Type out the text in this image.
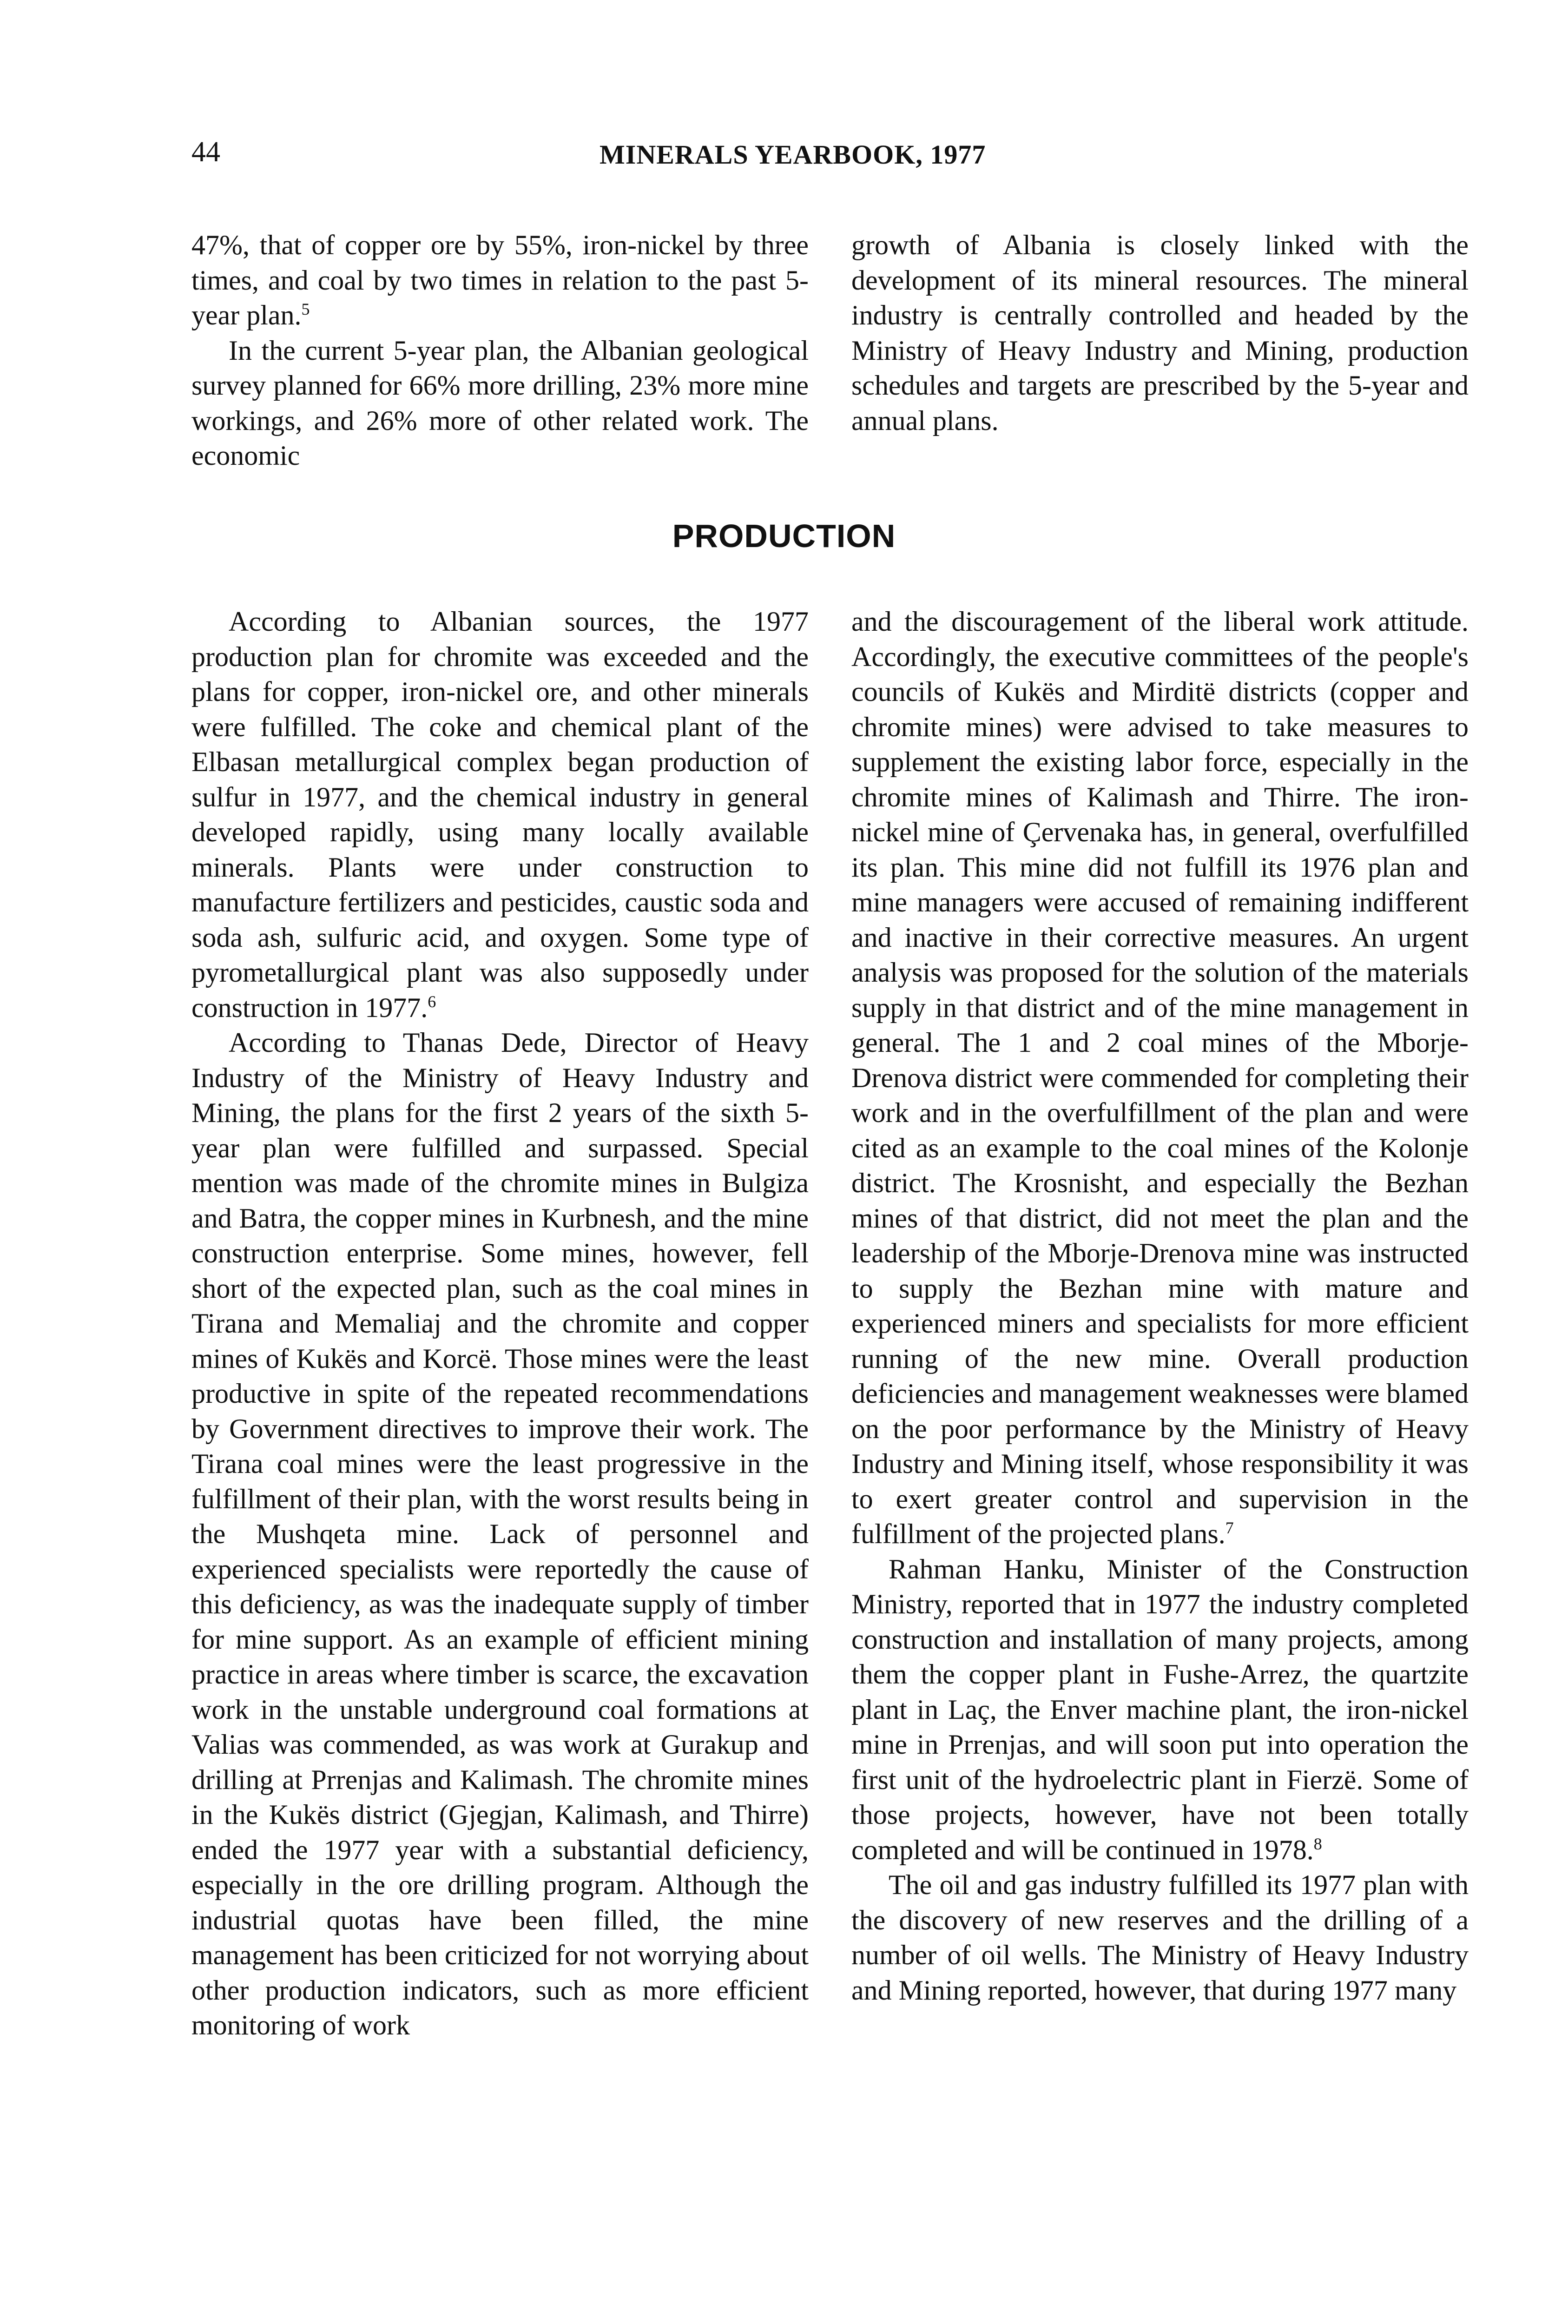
44	MINERALS YEARBOOK, 1977

47%, that of copper ore by 55%, iron-nickel by three times, and coal by two times in relation to the past 5-year plan.$^5$

In the current 5-year plan, the Albanian geological survey planned for 66% more drilling, 23% more mine workings, and 26% more of other related work. The economic

growth of Albania is closely linked with the development of its mineral resources. The mineral industry is centrally controlled and headed by the Ministry of Heavy Industry and Mining, production schedules and targets are prescribed by the 5-year and annual plans.

PRODUCTION

According to Albanian sources, the 1977 production plan for chromite was exceeded and the plans for copper, iron-nickel ore, and other minerals were fulfilled. The coke and chemical plant of the Elbasan metallurgical complex began production of sulfur in 1977, and the chemical industry in general developed rapidly, using many locally available minerals. Plants were under construction to manufacture fertilizers and pesticides, caustic soda and soda ash, sulfuric acid, and oxygen. Some type of pyrometallurgical plant was also supposedly under construction in 1977.$^6$

According to Thanas Dede, Director of Heavy Industry of the Ministry of Heavy Industry and Mining, the plans for the first 2 years of the sixth 5-year plan were fulfilled and surpassed. Special mention was made of the chromite mines in Bulgiza and Batra, the copper mines in Kurbnesh, and the mine construction enterprise. Some mines, however, fell short of the expected plan, such as the coal mines in Tirana and Memaliaj and the chromite and copper mines of Kukës and Korcë. Those mines were the least productive in spite of the repeated recommendations by Government directives to improve their work. The Tirana coal mines were the least progressive in the fulfillment of their plan, with the worst results being in the Mushqeta mine. Lack of personnel and experienced specialists were reportedly the cause of this deficiency, as was the inadequate supply of timber for mine support. As an example of efficient mining practice in areas where timber is scarce, the excavation work in the unstable underground coal formations at Valias was commended, as was work at Gurakup and drilling at Prrenjas and Kalimash. The chromite mines in the Kukës district (Gjegjan, Kalimash, and Thirre) ended the 1977 year with a substantial deficiency, especially in the ore drilling program. Although the industrial quotas have been filled, the mine management has been criticized for not worrying about other production indicators, such as more efficient monitoring of work

and the discouragement of the liberal work attitude. Accordingly, the executive committees of the people's councils of Kukës and Mirditë districts (copper and chromite mines) were advised to take measures to supplement the existing labor force, especially in the chromite mines of Kalimash and Thirre. The iron-nickel mine of Çervenaka has, in general, overfulfilled its plan. This mine did not fulfill its 1976 plan and mine managers were accused of remaining indifferent and inactive in their corrective measures. An urgent analysis was proposed for the solution of the materials supply in that district and of the mine management in general. The 1 and 2 coal mines of the Mborje-Drenova district were commended for completing their work and in the overfulfillment of the plan and were cited as an example to the coal mines of the Kolonje district. The Krosnisht, and especially the Bezhan mines of that district, did not meet the plan and the leadership of the Mborje-Drenova mine was instructed to supply the Bezhan mine with mature and experienced miners and specialists for more efficient running of the new mine. Overall production deficiencies and management weaknesses were blamed on the poor performance by the Ministry of Heavy Industry and Mining itself, whose responsibility it was to exert greater control and supervision in the fulfillment of the projected plans.$^7$

Rahman Hanku, Minister of the Construction Ministry, reported that in 1977 the industry completed construction and installation of many projects, among them the copper plant in Fushe-Arrez, the quartzite plant in Laç, the Enver machine plant, the iron-nickel mine in Prrenjas, and will soon put into operation the first unit of the hydroelectric plant in Fierzë. Some of those projects, however, have not been totally completed and will be continued in 1978.$^8$

The oil and gas industry fulfilled its 1977 plan with the discovery of new reserves and the drilling of a number of oil wells. The Ministry of Heavy Industry and Mining reported, however, that during 1977 many
